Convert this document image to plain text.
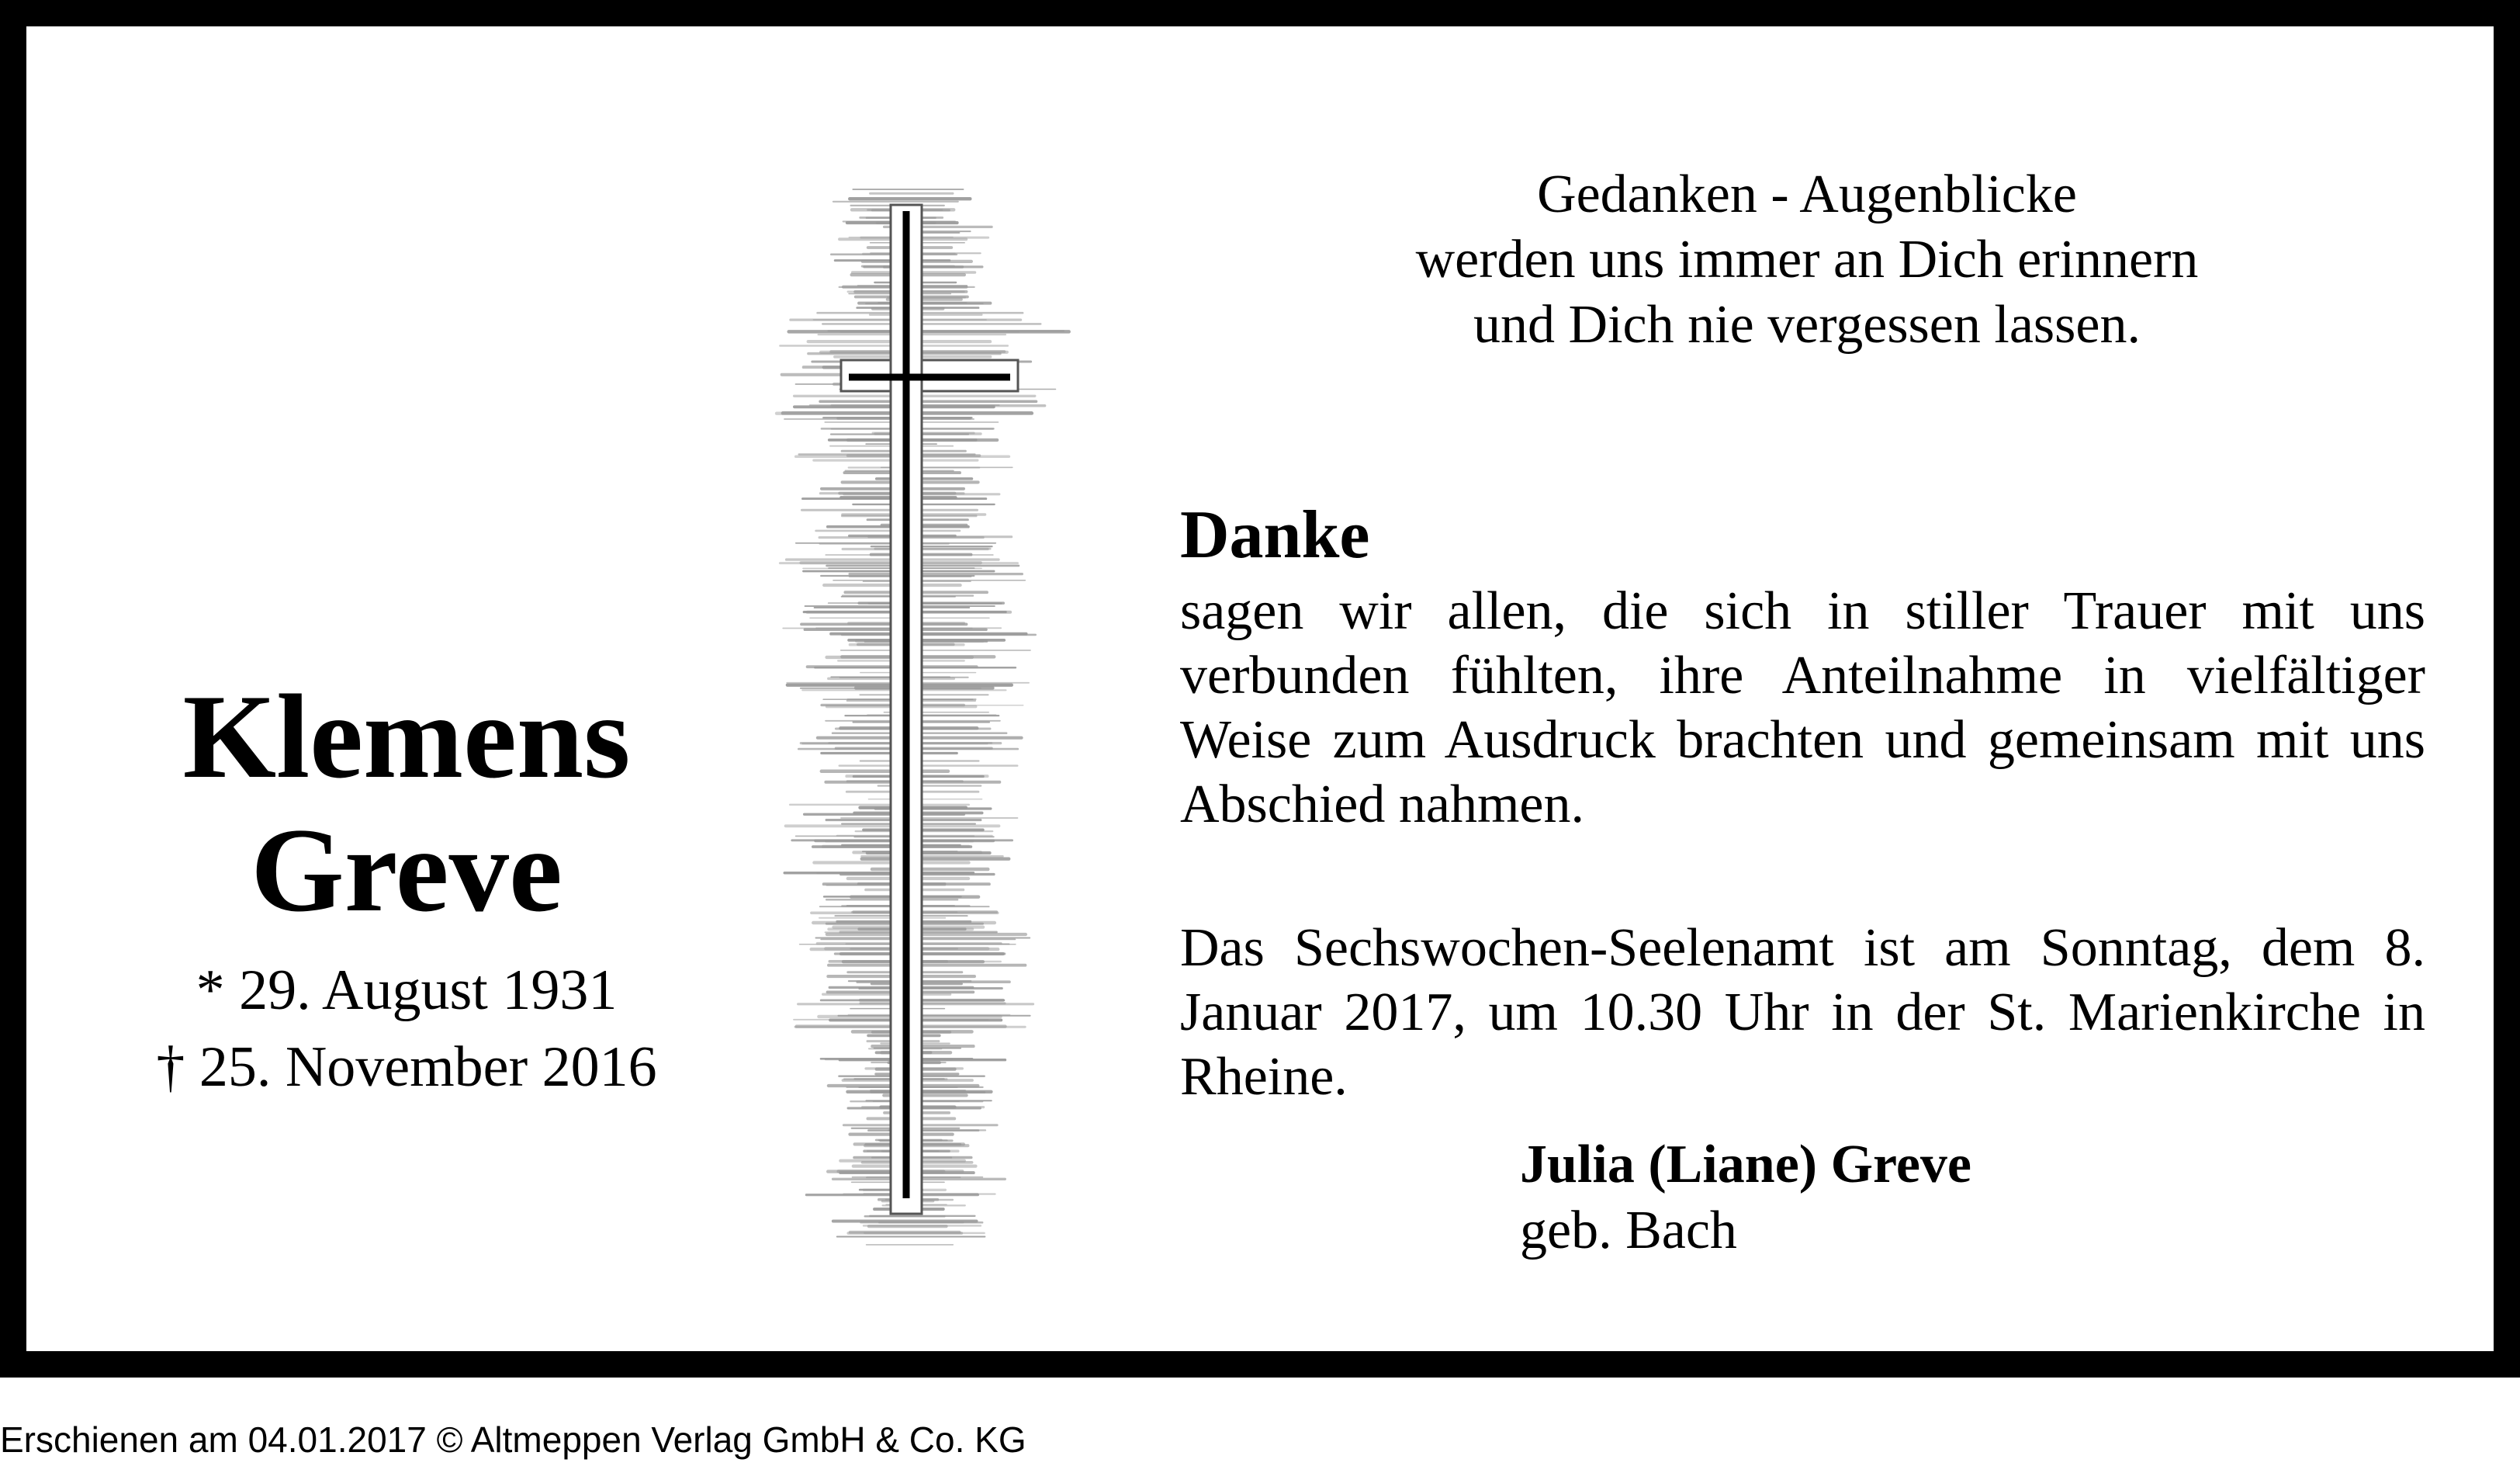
Klemens
Greve
* 29. August 1931
† 25. November 2016
Gedanken - Augenblicke
werden uns immer an Dich erinnern
und Dich nie vergessen lassen.
Danke
sagen wir allen, die sich in stiller Trauer mit uns verbunden fühlten, ihre Anteilnahme in vielfältiger Weise zum Ausdruck brachten und gemeinsam mit uns Abschied nahmen.
Das Sechswochen-Seelenamt ist am Sonntag, dem 8. Januar 2017, um 10.30 Uhr in der St. Marienkirche in Rheine.
Julia (Liane) Greve
geb. Bach
Erschienen am 04.01.2017 © Altmeppen Verlag GmbH & Co. KG
